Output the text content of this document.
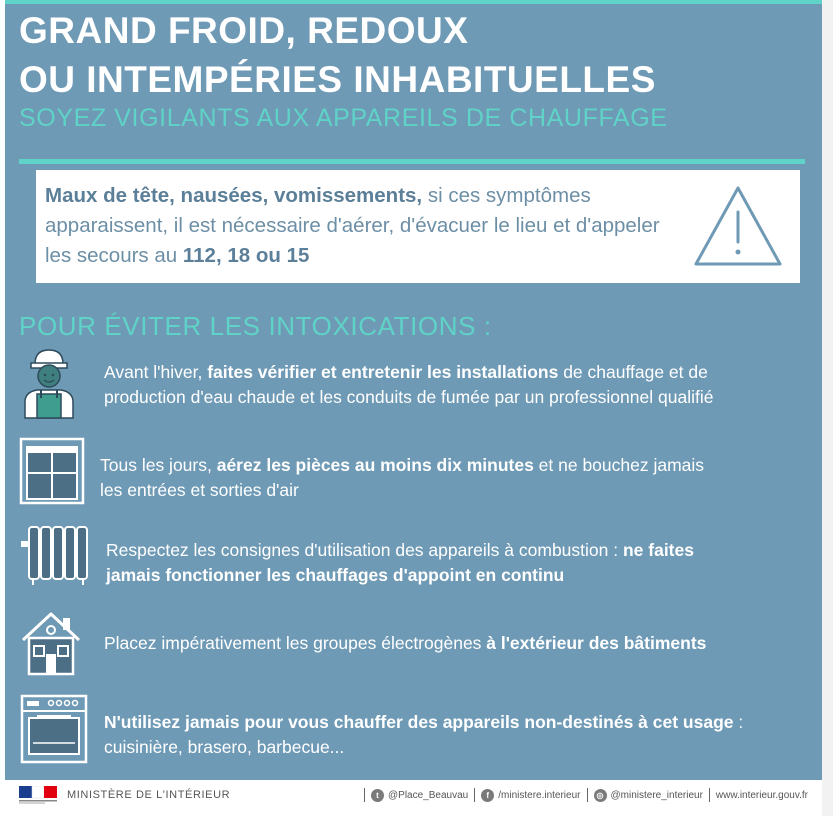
GRAND FROID, REDOUX
OU INTEMPÉRIES INHABITUELLES
SOYEZ VIGILANTS AUX APPAREILS DE CHAUFFAGE
Maux de tête, nausées, vomissements, si ces symptômes apparaissent, il est nécessaire d'aérer, d'évacuer le lieu et d'appeler les secours au 112, 18 ou 15
POUR ÉVITER LES INTOXICATIONS :
Avant l'hiver, faites vérifier et entretenir les installations de chauffage et de
production d'eau chaude et les conduits de fumée par un professionnel qualifié
Tous les jours, aérez les pièces au moins dix minutes et ne bouchez jamais
les entrées et sorties d'air
Respectez les consignes d'utilisation des appareils à combustion : ne faites
jamais fonctionner les chauffages d'appoint en continu
Placez impérativement les groupes électrogènes à l'extérieur des bâtiments
N'utilisez jamais pour vous chauffer des appareils non-destinés à cet usage :
cuisinière, brasero, barbecue...
MINISTÈRE DE L'INTÉRIEUR	t @Place_Beauvau	f /ministere.interieur	◎ @ministere_interieur www.interieur.gouv.fr
